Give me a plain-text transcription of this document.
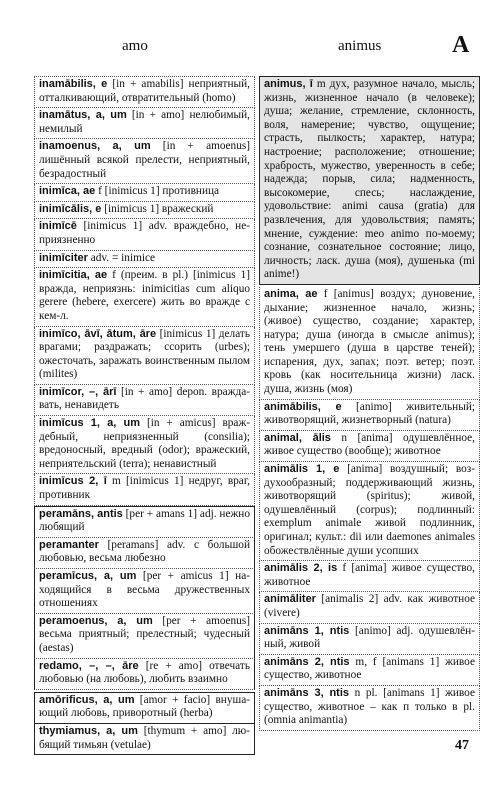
amo	animus	A

inamābilis, e [in + amabilis] неприятный, отталкивающий, отвратительный (homo)

inamātus, a, um [in + amo] нелюбимый, немилый

inamoenus, a, um [in + amoenus] лишённый всякой прелести, неприятный, безрадостный

inimīca, ae f [inimicus 1] противница

inimīcālis, e [inimicus 1] вражеский

inimīcē [inimicus 1] adv. враждебно, неприязненно

inimīciter adv. = inimice

inimīcitia, ae f (преим. в pl.) [inimicus 1] вражда, неприязнь: inimicitias cum aliquo gerere (hebere, exercere) жить во вражде с кем-л.

inimīco, āvī, ātum, āre [inimicus 1] делать врагами; раздражать; ссорить (urbes); ожесточать, заражать воинственным пылом (milites)

inimīcor, –, ārī [in + amo] depon. враждавать, ненавидеть

inimīcus 1, a, um [in + amicus] враждебный, неприязненный (consilia); вредоносный, вредный (odor); вражеский, неприятельский (terra); ненавистный

inimīcus 2, ī m [inimicus 1] недруг, враг, противник

peramāns, antis [per + amans 1] adj. нежно любящий

peramanter [peramans] adv. с большой любовью, весьма любезно

peramīcus, a, um [per + amicus 1] находящийся в весьма дружественных отношениях

peramoenus, a, um [per + amoenus] весьма приятный; прелестный; чудесный (aestas)

redamo, –, –, āre [re + amo] отвечать любовью (на любовь), любить взаимно

amōrificus, a, um [amor + facio] внушающий любовь, приворотный (herba)

thymiamus, a, um [thymum + amo] любящий тимьян (vetulae)

animus, ī m дух, разумное начало, мысль; жизнь, жизненное начало (в человеке); душа; желание, стремление, склонность, воля, намерение; чувство, ощущение; страсть, пылкость; характер, натура; настроение; расположение; отношение; храбрость, мужество, уверенность в себе; надежда; порыв, сила; надменность, высокомерие, спесь; наслаждение, удовольствие: animi causa (gratia) для развлечения, для удовольствия; память; мнение, суждение: meo animo по-моему; сознание, сознательное состояние; лицо, личность; ласк. душа (моя), душенька (mi anime!)

anima, ae f [animus] воздух; дуновение, дыхание; жизненное начало, жизнь; (живое) существо, создание; характер, натура; душа (иногда в смысле animus); тень умершего (душа в царстве теней); испарения, дух, запах; поэт. ветер; поэт. кровь (как носительница жизни) ласк. душа, жизнь (моя)

animābilis, e [animo] живительный; животворящий, жизнетворный (natura)

animal, ālis n [anima] одушевлённое, живое существо (вообще); животное

animālis 1, e [anima] воздушный; воздухообразный; поддерживающий жизнь, животворящий (spiritus); живой, одушевлённый (corpus); подлинный: exemplum animale живой подлинник, оригинал; культ.: dii или daemones animales обожествлённые души усопших

animālis 2, is f [anima] живое существо, животное

animāliter [animalis 2] adv. как животное (vivere)

animāns 1, ntis [animo] adj. одушевлённый, живой

animāns 2, ntis m, f [animans 1] живое существо, животное

animāns 3, ntis n pl. [animans 1] живое существо, животное – как п только в pl. (omnia animantia)

47
